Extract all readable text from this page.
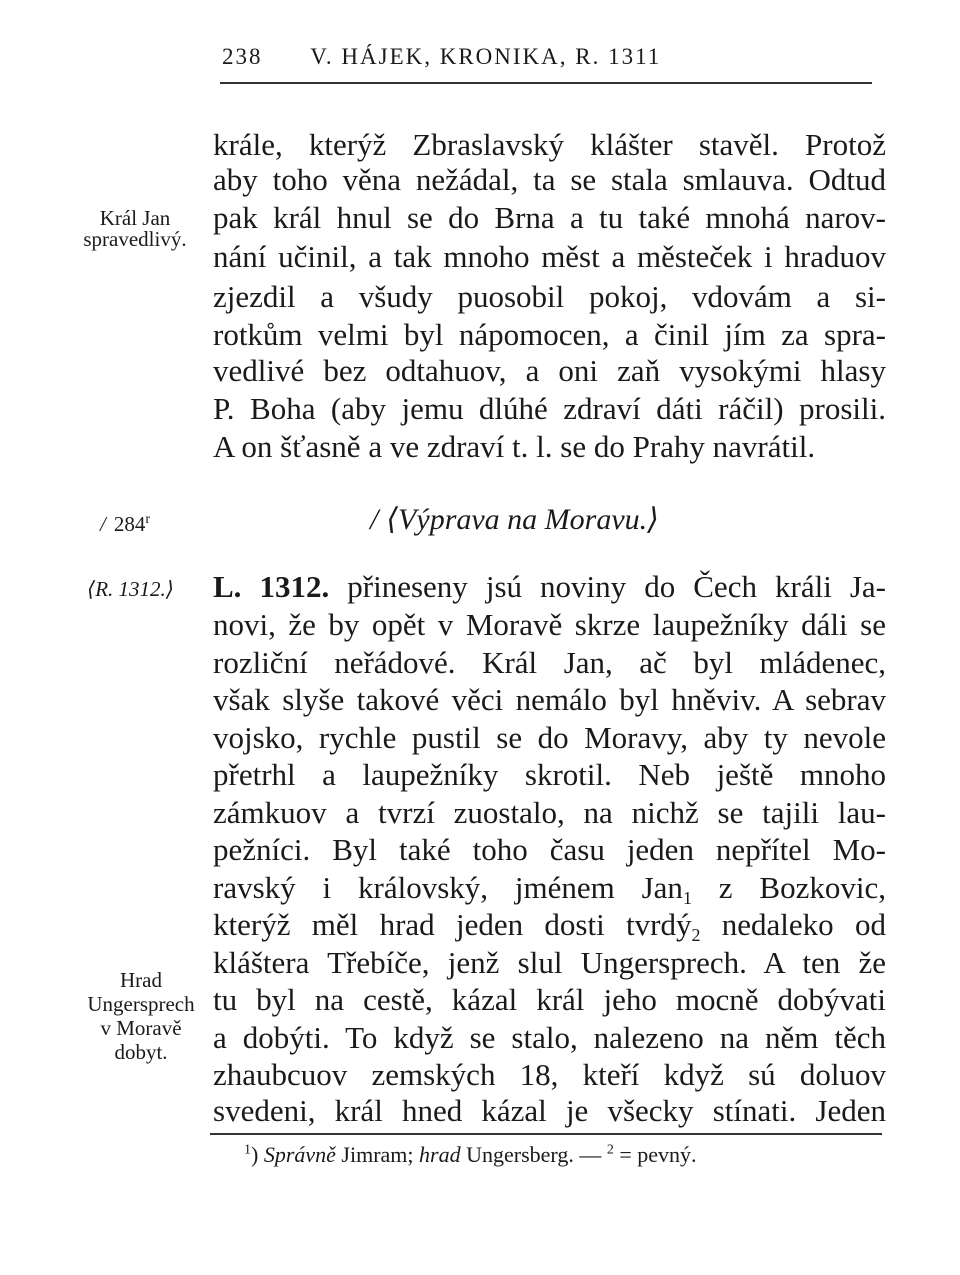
238 V. HÁJEK, KRONIKA, R. 1311
Král Jan
spravedlivý.
/ 284$^r$
⟨R. 1312.⟩
Hrad
Ungersprech
v Moravě
dobyt.
krále, kterýž Zbraslavský klášter stavěl. Protož
aby toho věna nežádal, ta se stala smlauva. Odtud
pak král hnul se do Brna a tu také mnohá narov-
nání učinil, a tak mnoho měst a městeček i hraduov
zjezdil a všudy puosobil pokoj, vdovám a si-
rotkům velmi byl nápomocen, a činil jím za spra-
vedlivé bez odtahuov, a oni zaň vysokými hlasy
P. Boha (aby jemu dlúhé zdraví dáti ráčil) prosili.
A on šťasně a ve zdraví t. l. se do Prahy navrátil.
/ ⟨Výprava na Moravu.⟩
L. 1312. přineseny jsú noviny do Čech králi Ja-
novi, že by opět v Moravě skrze laupežníky dáli se
rozliční neřádové. Král Jan, ač byl mládenec,
však slyše takové věci nemálo byl hněviv. A sebrav
vojsko, rychle pustil se do Moravy, aby ty nevole
přetrhl a laupežníky skrotil. Neb ještě mnoho
zámkuov a tvrzí zuostalo, na nichž se tajili lau-
pežníci. Byl také toho času jeden nepřítel Mo-
ravský i královský, jménem Jan$_1$ z Bozkovic,
kterýž měl hrad jeden dosti tvrdý$_2$ nedaleko od
kláštera Třebíče, jenž slul Ungersprech. A ten že
tu byl na cestě, kázal král jeho mocně dobývati
a dobýti. To když se stalo, nalezeno na něm těch
zhaubcuov zemských 18, kteří když sú doluov
svedeni, král hned kázal je všecky stínati. Jeden
$^1$) Správně Jimram; hrad Ungersberg. — $^2$ = pevný.
